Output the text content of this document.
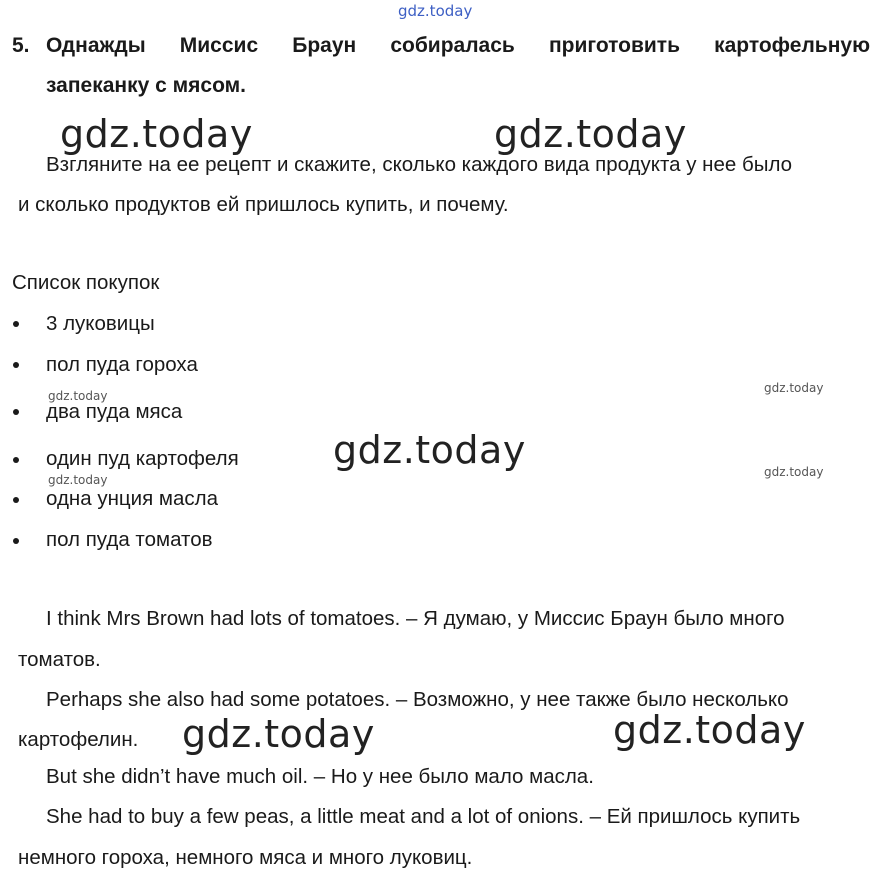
gdz.today
5. Однажды Миссис Браун собиралась приготовить картофельную
запеканку с мясом.
gdz.today	gdz.today
Взгляните на ее рецепт и скажите, сколько каждого вида продукта у нее было
и сколько продуктов ей пришлось купить, и почему.
Список покупок
3 луковицы
пол пуда гороха
gdz.today
gdz.today
два пуда мяса
gdz.today
один пуд картофеля
gdz.today
gdz.today
одна унция масла
пол пуда томатов
I think Mrs Brown had lots of tomatoes. – Я думаю, у Миссис Браун было много
томатов.
Perhaps she also had some potatoes. – Возможно, у нее также было несколько
картофелин. gdz.today	gdz.today
But she didn’t have much oil. – Но у нее было мало масла.
She had to buy a few peas, a little meat and a lot of onions. – Ей пришлось купить
немного гороха, немного мяса и много луковиц.
